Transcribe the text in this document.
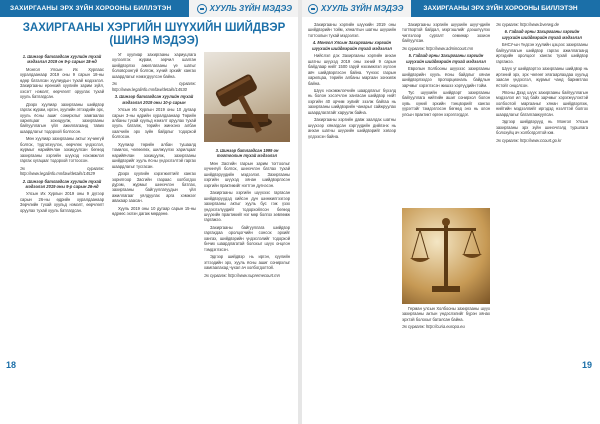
ЗАХИРГААНЫ ЭРХ ЗҮЙН ХОРООНЫ БИЛЛЭТЭН	ХУУЛЬ ЗҮЙН МЭДЭЭ	ХУУЛЬ ЗҮЙН МЭДЭЭ	ЗАХИРГААНЫ ЭРХ ЗҮЙН ХОРООНЫ БИЛЛЭТЭН
18	19
ЗАХИРГААНЫ ХЭРГИЙН ШҮҮХИЙН ШИЙДВЭР (ШИНЭ МЭДЭЭ)

1. Шинээр батлагдсан хуулийн тухай мэдээлэл 2019 он 9-р сарын 18-нд

Монгол Улсын Их Хурлаас хуралдаанаар 2019 оны 9 сарын 18-ны өдөр баталсан хуулиудын тухай мэдээлэл. Захиргааны ерөнхий хуулийн зарим зүйл, хэсэгт нэмэлт, өөрчлөлт оруулах тухай хууль батлагдсан.

Дээрх хуулиар захиргааны шийдвэр гаргах журам, иргэн, хуулийн этгээдийн эрх, хууль ёсны ашиг сонирхлыг хамгаалах харилцааг зохицуулж, захиргааны байгууллагын үйл ажиллагаанд тавих шаардлагыг тодорхой болгосон.

Мөн хуулиар захиргааны актыг хүчингүй болгох, түдгэлзүүлэх, өөрчлөх үндэслэл, журмыг нарийвчлан зохицуулсан бөгөөд захиргааны хэргийн шүүхэд нэхэмжлэл гаргах хугацааг тодорхой тогтоосон.

Эх сурвалж: http://www.legalinfo.mn/law/details/14529

2. Шинээр батлагдсан хуулийн тухай мэдээлэл 2019 оны 9-р сарын 26-нд

Улсын Их Хурлын 2019 оны 9 дүгээр сарын 26-ны өдрийн хуралдаанаар Зөрчлийн тухай хуульд нэмэлт, өөрчлөлт оруулах тухай хууль батлагдсан.

Уг хуулиар захиргааны хариуцлага хүлээлгэх журам, зөрчил шалган шийдвэрлэх ажиллагааны үе шатыг боловсронгуй болгож, хүний эрхийг хангах шаардлагыг нэмэгдүүлсэн байна.

Эх сурвалж: http://www.legalinfo.mn/law/details/14530

3. Шинээр батлагдсан хуулийн тухай мэдээлэл 2019 оны 10-р сарын

Улсын Их Хурлын 2019 оны 10 дугаар сарын 3-ны өдрийн хуралдаанаар Төрийн албаны тухай хуульд нэмэлт оруулах тухай хууль баталж, төрийн жинхэнэ албан хаагчийн эрх зүйн байдлыг тодорхой болгосон.

Хуулиар төрийн албан тушаалд томилох, чөлөөлөх, шилжүүлэх харилцааг нарийвчлан зохицуулж, захиргааны шийдвэрийг хууль ёсны үндэслэлтэй гаргах шаардлагыг тусгасан.

Дээрх хуулийн хэрэгжилтийг хангах зорилгоор Засгийн газраас холбогдох дүрэм, журмыг шинэчлэн батлах, захиргааны байгууллагуудын үйл ажиллагааг уялдуулах арга хэмжээг авахаар заасан.

Хууль 2019 оны 10 дугаар сарын 15-ны өдрөөс эхлэн дагаж мөрдөнө.

3. Шинээр батлагдсан 1999 он тогтоолын тухай мэдээлэл

Мөн Засгийн газрын зарим тогтоолыг хүчингүй болгох, шинэчлэн батлах тухай шийдвэрүүдийн мэдээлэл. Захиргааны хэргийн шүүхэд хянан шийдвэрлэсэн хэргийн практикийг нэгтгэн дүгнэсэн.

Захиргааны хэргийн шүүхээс гаргасан шийдвэрүүдэд хийсэн дүн шинжилгээгээр захиргааны актыг хууль бус гэж үзэх үндэслэлүүдийг тодорхойлсон бөгөөд шүүхийн практикийг нэг мөр болгох зөвлөмж гаргажээ.

Захиргааны байгууллага шийдвэр гаргахдаа оролцогчийн сонсох эрхийг хангах, шийдвэрийн үндэслэлийг тодорхой бичих шаардлагатай болохыг шүүх онцлон тэмдэглэсэн.

Эдгээр шийдвэр нь иргэн, хуулийн этгээдийн эрх, хууль ёсны ашиг сонирхлыг хамгаалахад чухал ач холбогдолтой.

Эх сурвалж: http://www.supremecourt.mn

Захиргааны хэргийн шүүхийн 2019 оны шийдвэрийн тойм, хяналтын шатны шүүхийн тогтоолын тухай мэдээлэл.

4. Монгол Улсын Захиргааны хэргийн шүүхийн шийдвэрийн тухай мэдээлэл

Нийслэл дэх Захиргааны хэргийн анхан шатны шүүхэд 2019 оны эхний 9 сарын байдлаар нийт 1500 гаруй нэхэмжлэл хүлээн авч шийдвэрлэсэн байна. Үүнээс газрын харилцаа, төрийн албаны маргаан зонхилж байна.

Шүүх нэхэмжлэгчийн шаардлагыг бүхэлд нь болон хэсэгчлэн хангасан шийдвэр нийт хэргийн 40 орчим хувийг эзэлж байгаа нь захиргааны шийдвэрийн чанарыг сайжруулах шаардлагатайг харуулж байна.

Захиргааны хэргийн давж заалдах шатны шүүхээр хянагдсан хэргүүдийн дийлэнх нь анхан шатны шүүхийн шийдвэрийг хэвээр үлдээсэн байна.

Захиргааны хэргийн шүүхийн шүүгчдийн тогтвортой байдал, мэргэшлийг дээшлүүлэх чиглэлээр сургалт семинар зохион байгуулсан.

Эх сурвалж: http://www.admincourt.mn

5. Гадаад орны Захиргааны хэргийн шүүхийн шийдвэрийн тухай мэдээлэл

Европын Холбооны шүүхээс захиргааны шийдвэрийн хууль ёсны байдлыг хянан шийдвэрлэхдээ пропорциональ байдлын зарчмыг хэрэглэсэн жишээ хэргүүдийн тойм.

Тус шүүхийн шийдвэрт захиргааны байгууллага нийтийн ашиг сонирхол болон хувь хүний эрхийн тэнцвэрийг хангах үүрэгтэйг тэмдэглэсэн бөгөөд энэ нь олон улсын практикт өргөн хэрэглэгддэг.

Герман улсын Холбооны захиргааны шүүх захиргааны актын үндэслэлийг бүрэн хянах эрхтэй болохыг баталсан байна.

Эх сурвалж: http://curia.europa.eu

Эх сурвалж: http://www.bverwg.de

6. Гадаад орны Захиргааны хэргийн шүүхийн шийдвэрийн тухай мэдээлэл

БНСУ-ын Үндсэн хуулийн цэцээс захиргааны байгууллагын шийдвэр гаргах ажиллагаанд иргэдийн оролцоог хангах тухай шийдвэр гаргажээ.

Шүүх уг шийдвэртээ захиргааны шийдвэр нь иргэний эрх, эрх чөлөөг хязгаарлахдаа хуульд заасан үндэслэл, журмыг чанд баримтлах ёстойг онцолсон.

Японы Дээд шүүх захиргааны байгууллагын мэдээлэл ил тод байх зарчмыг хэрэгжүүлэхтэй холбоотой маргааныг хянан шийдвэрлэж, нийтийн мэдээллийг иргэдэд нээлттэй болгох шаардлагыг баталгаажуулсан.

Эдгээр шийдвэрүүд нь Монгол Улсын захиргааны эрх зүйн шинэчлэлд туршлага болохуйц ач холбогдолтой юм.

Эх сурвалж: http://www.ccourt.go.kr
